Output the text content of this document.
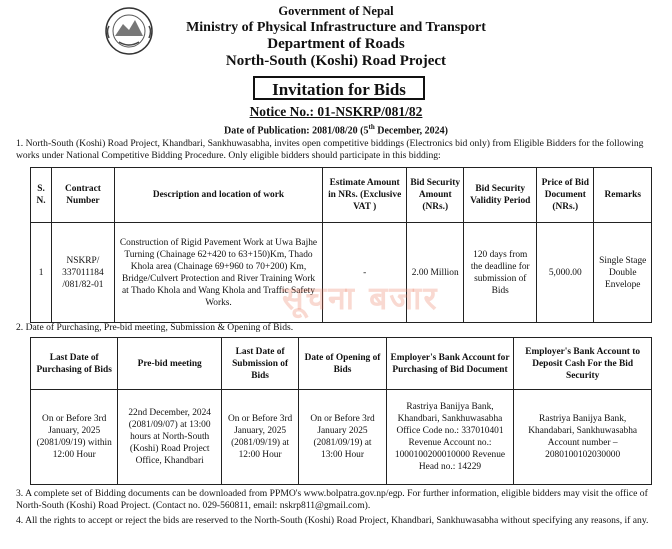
Government of Nepal
Ministry of Physical Infrastructure and Transport
Department of Roads
North-South (Koshi) Road Project
Invitation for Bids
Notice No.: 01-NSKRP/081/82
Date of Publication: 2081/08/20 (5th December, 2024)
1. North-South (Koshi) Road Project, Khandbari, Sankhuwasabha, invites open competitive biddings (Electronics bid only) from Eligible Bidders for the following works under National Competitive Bidding Procedure. Only eligible bidders should participate in this bidding:
S. N.	Contract Number	Description and location of work	Estimate Amount in NRs. (Exclusive VAT )	Bid Security Amount (NRs.)	Bid Security Validity Period	Price of Bid Document (NRs.)	Remarks
1	NSKRP/ 337011184 /081/82-01	Construction of Rigid Pavement Work at Uwa Bajhe Turning (Chainage 62+420 to 63+150)Km, Thado Khola area (Chainage 69+960 to 70+200) Km, Bridge/Culvert Protection and River Training Work at Thado Khola and Wang Khola and Traffic Safety Works.	-	2.00 Million	120 days from the deadline for submission of Bids	5,000.00	Single Stage Double Envelope
सूचना बजार
2. Date of Purchasing, Pre-bid meeting, Submission & Opening of Bids.
Last Date of Purchasing of Bids	Pre-bid meeting	Last Date of Submission of Bids	Date of Opening of Bids	Employer's Bank Account for Purchasing of Bid Document	Employer's Bank Account to Deposit Cash For the Bid Security
On or Before 3rd January, 2025 (2081/09/19) within 12:00 Hour	22nd December, 2024 (2081/09/07) at 13:00 hours at North-South (Koshi) Road Project Office, Khandbari	On or Before 3rd January, 2025 (2081/09/19) at 12:00 Hour	On or Before 3rd January 2025 (2081/09/19) at 13:00 Hour	Rastriya Banijya Bank, Khandbari, Sankhuwasabha Office Code no.: 337010401 Revenue Account no.: 1000100200010000 Revenue Head no.: 14229	Rastriya Banijya Bank, Khandabari, Sankhuwasabha Account number –2080100102030000
3. A complete set of Bidding documents can be downloaded from PPMO's www.bolpatra.gov.np/egp. For further information, eligible bidders may visit the office of North-South (Koshi) Road Project. (Contact no. 029-560811, email: nskrp811@gmail.com).
4. All the rights to accept or reject the bids are reserved to the North-South (Koshi) Road Project, Khandbari, Sankhuwasabha without specifying any reasons, if any.
